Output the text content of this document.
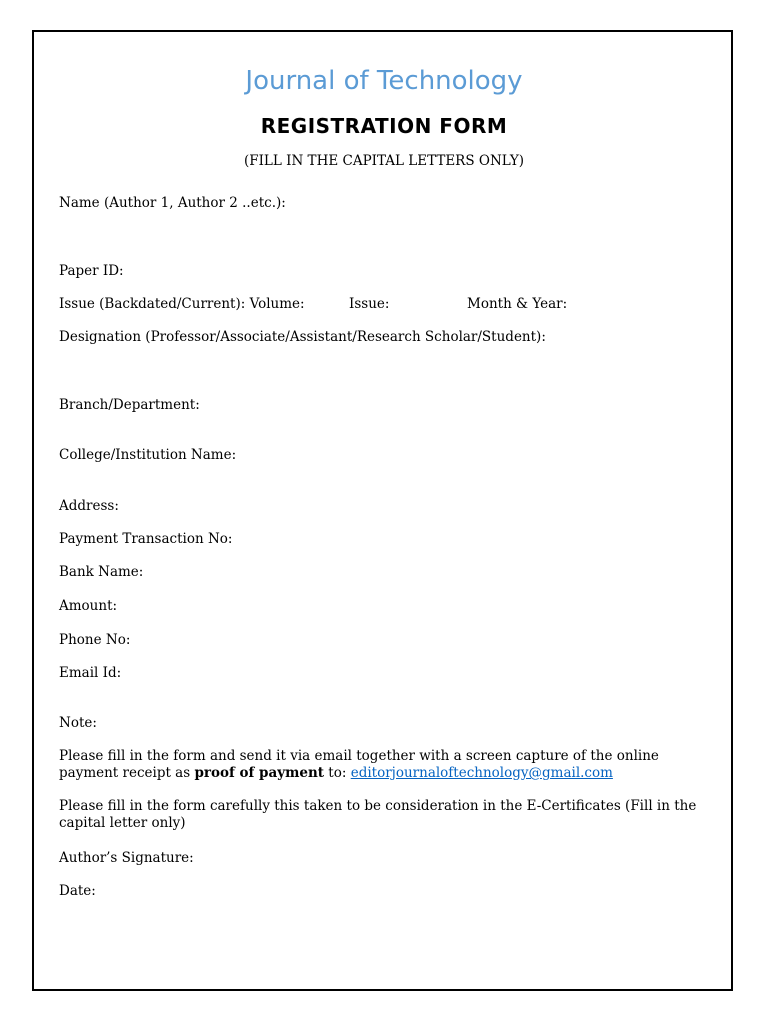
Journal of Technology
REGISTRATION FORM
(FILL IN THE CAPITAL LETTERS ONLY)
Name (Author 1, Author 2 ..etc.):
Paper ID:
Issue (Backdated/Current): Volume:	Issue:	Month & Year:
Designation (Professor/Associate/Assistant/Research Scholar/Student):
Branch/Department:
College/Institution Name:
Address:
Payment Transaction No:
Bank Name:
Amount:
Phone No:
Email Id:
Note:
Please fill in the form and send it via email together with a screen capture of the online payment receipt as proof of payment to: editorjournaloftechnology@gmail.com
Please fill in the form carefully this taken to be consideration in the E-Certificates (Fill in the capital letter only)
Author’s Signature:
Date:
